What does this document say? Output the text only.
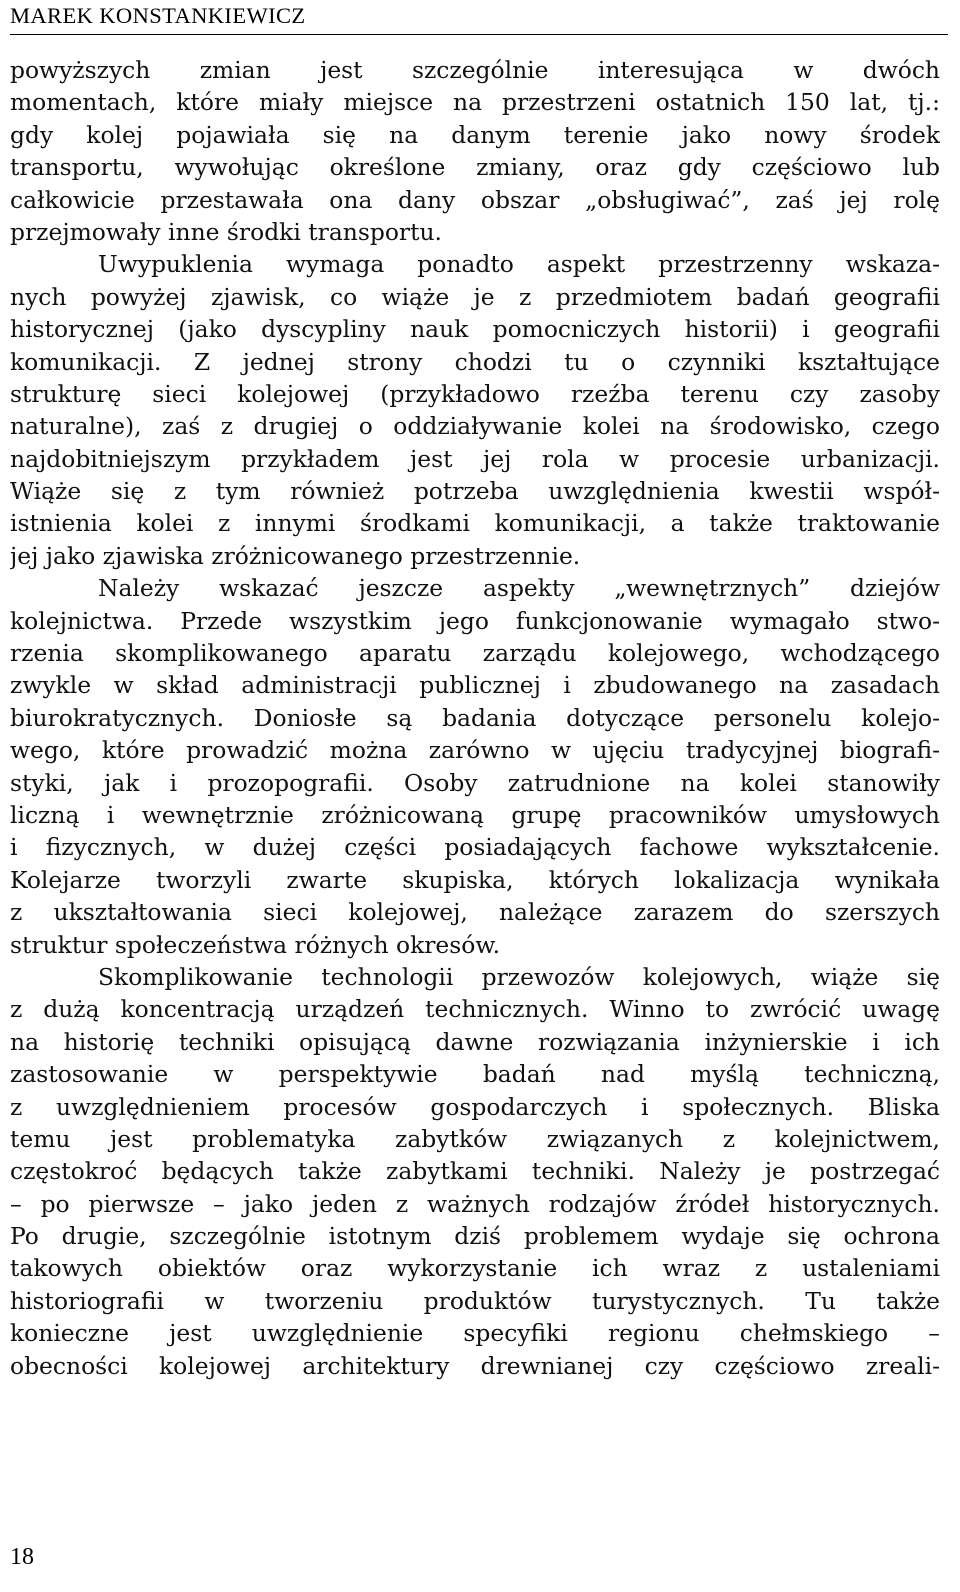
MAREK KONSTANKIEWICZ
powyższych zmian jest szczególnie interesująca w dwóch
momentach, które miały miejsce na przestrzeni ostatnich 150 lat, tj.:
gdy kolej pojawiała się na danym terenie jako nowy środek
transportu, wywołując określone zmiany, oraz gdy częściowo lub
całkowicie przestawała ona dany obszar „obsługiwać”, zaś jej rolę
przejmowały inne środki transportu.
Uwypuklenia wymaga ponadto aspekt przestrzenny wskaza-
nych powyżej zjawisk, co wiąże je z przedmiotem badań geografii
historycznej (jako dyscypliny nauk pomocniczych historii) i geografii
komunikacji. Z jednej strony chodzi tu o czynniki kształtujące
strukturę sieci kolejowej (przykładowo rzeźba terenu czy zasoby
naturalne), zaś z drugiej o oddziaływanie kolei na środowisko, czego
najdobitniejszym przykładem jest jej rola w procesie urbanizacji.
Wiąże się z tym również potrzeba uwzględnienia kwestii współ-
istnienia kolei z innymi środkami komunikacji, a także traktowanie
jej jako zjawiska zróżnicowanego przestrzennie.
Należy wskazać jeszcze aspekty „wewnętrznych” dziejów
kolejnictwa. Przede wszystkim jego funkcjonowanie wymagało stwo-
rzenia skomplikowanego aparatu zarządu kolejowego, wchodzącego
zwykle w skład administracji publicznej i zbudowanego na zasadach
biurokratycznych. Doniosłe są badania dotyczące personelu kolejo-
wego, które prowadzić można zarówno w ujęciu tradycyjnej biografi-
styki, jak i prozopografii. Osoby zatrudnione na kolei stanowiły
liczną i wewnętrznie zróżnicowaną grupę pracowników umysłowych
i fizycznych, w dużej części posiadających fachowe wykształcenie.
Kolejarze tworzyli zwarte skupiska, których lokalizacja wynikała
z ukształtowania sieci kolejowej, należące zarazem do szerszych
struktur społeczeństwa różnych okresów.
Skomplikowanie technologii przewozów kolejowych, wiąże się
z dużą koncentracją urządzeń technicznych. Winno to zwrócić uwagę
na historię techniki opisującą dawne rozwiązania inżynierskie i ich
zastosowanie w perspektywie badań nad myślą techniczną,
z uwzględnieniem procesów gospodarczych i społecznych. Bliska
temu jest problematyka zabytków związanych z kolejnictwem,
częstokroć będących także zabytkami techniki. Należy je postrzegać
– po pierwsze – jako jeden z ważnych rodzajów źródeł historycznych.
Po drugie, szczególnie istotnym dziś problemem wydaje się ochrona
takowych obiektów oraz wykorzystanie ich wraz z ustaleniami
historiografii w tworzeniu produktów turystycznych. Tu także
konieczne jest uwzględnienie specyfiki regionu chełmskiego –
obecności kolejowej architektury drewnianej czy częściowo zreali-
18
